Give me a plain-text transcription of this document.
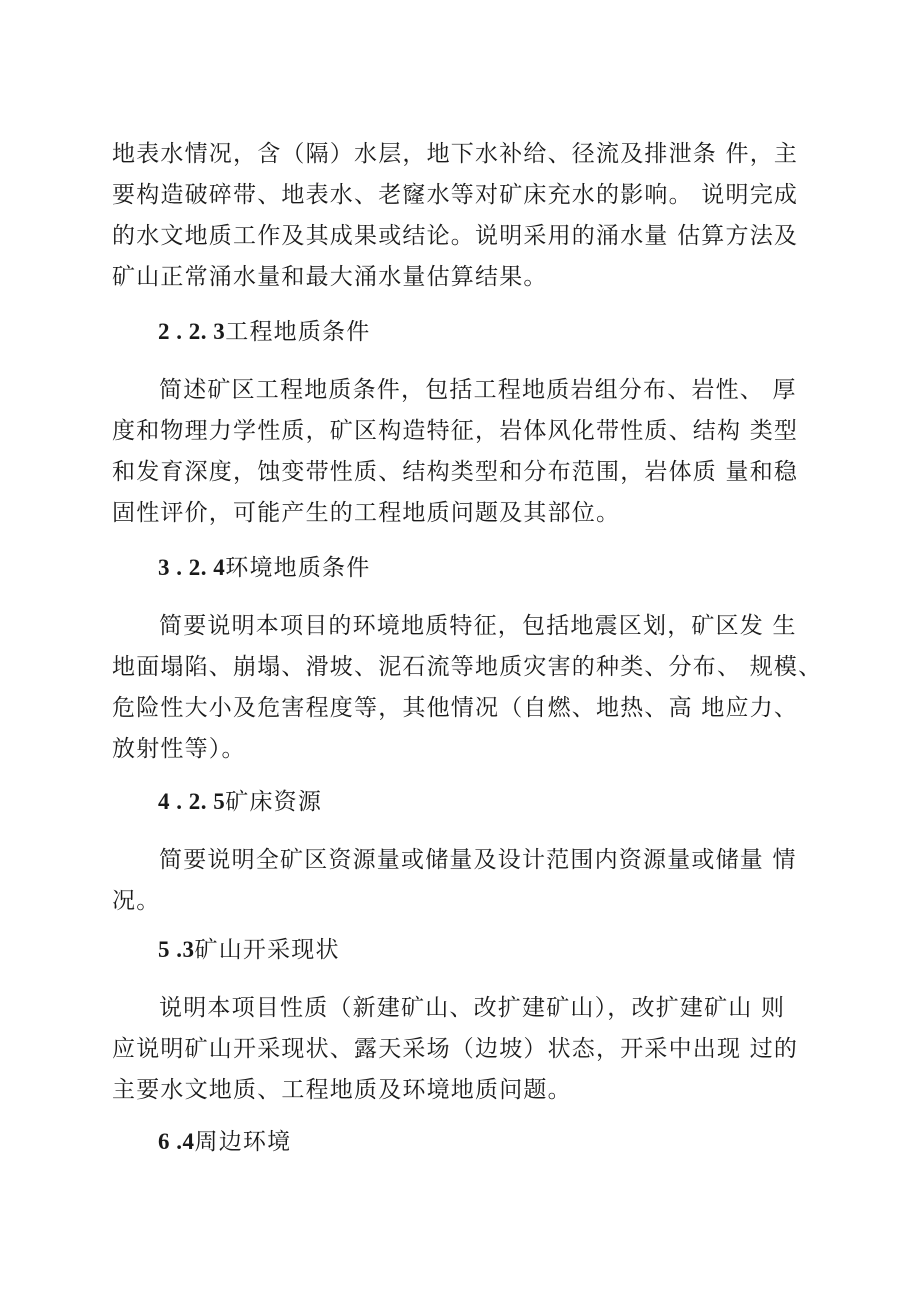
地表水情况，含（隔）水层，地下水补给、径流及排泄条 件，主
要构造破碎带、地表水、老窿水等对矿床充水的影响。 说明完成
的水文地质工作及其成果或结论。说明采用的涌水量 估算方法及
矿山正常涌水量和最大涌水量估算结果。

2 . 2. 3工程地质条件

简述矿区工程地质条件，包括工程地质岩组分布、岩性、 厚
度和物理力学性质，矿区构造特征，岩体风化带性质、结构 类型
和发育深度，蚀变带性质、结构类型和分布范围，岩体质 量和稳
固性评价，可能产生的工程地质问题及其部位。

3 . 2. 4环境地质条件

简要说明本项目的环境地质特征，包括地震区划，矿区发 生
地面塌陷、崩塌、滑坡、泥石流等地质灾害的种类、分布、 规模、
危险性大小及危害程度等，其他情况（自燃、地热、高 地应力、
放射性等）。

4 . 2. 5矿床资源

简要说明全矿区资源量或储量及设计范围内资源量或储量 情
况。

5 .3矿山开采现状

说明本项目性质（新建矿山、改扩建矿山），改扩建矿山 则
应说明矿山开采现状、露天采场（边坡）状态，开采中出现 过的
主要水文地质、工程地质及环境地质问题。

6 .4周边环境
